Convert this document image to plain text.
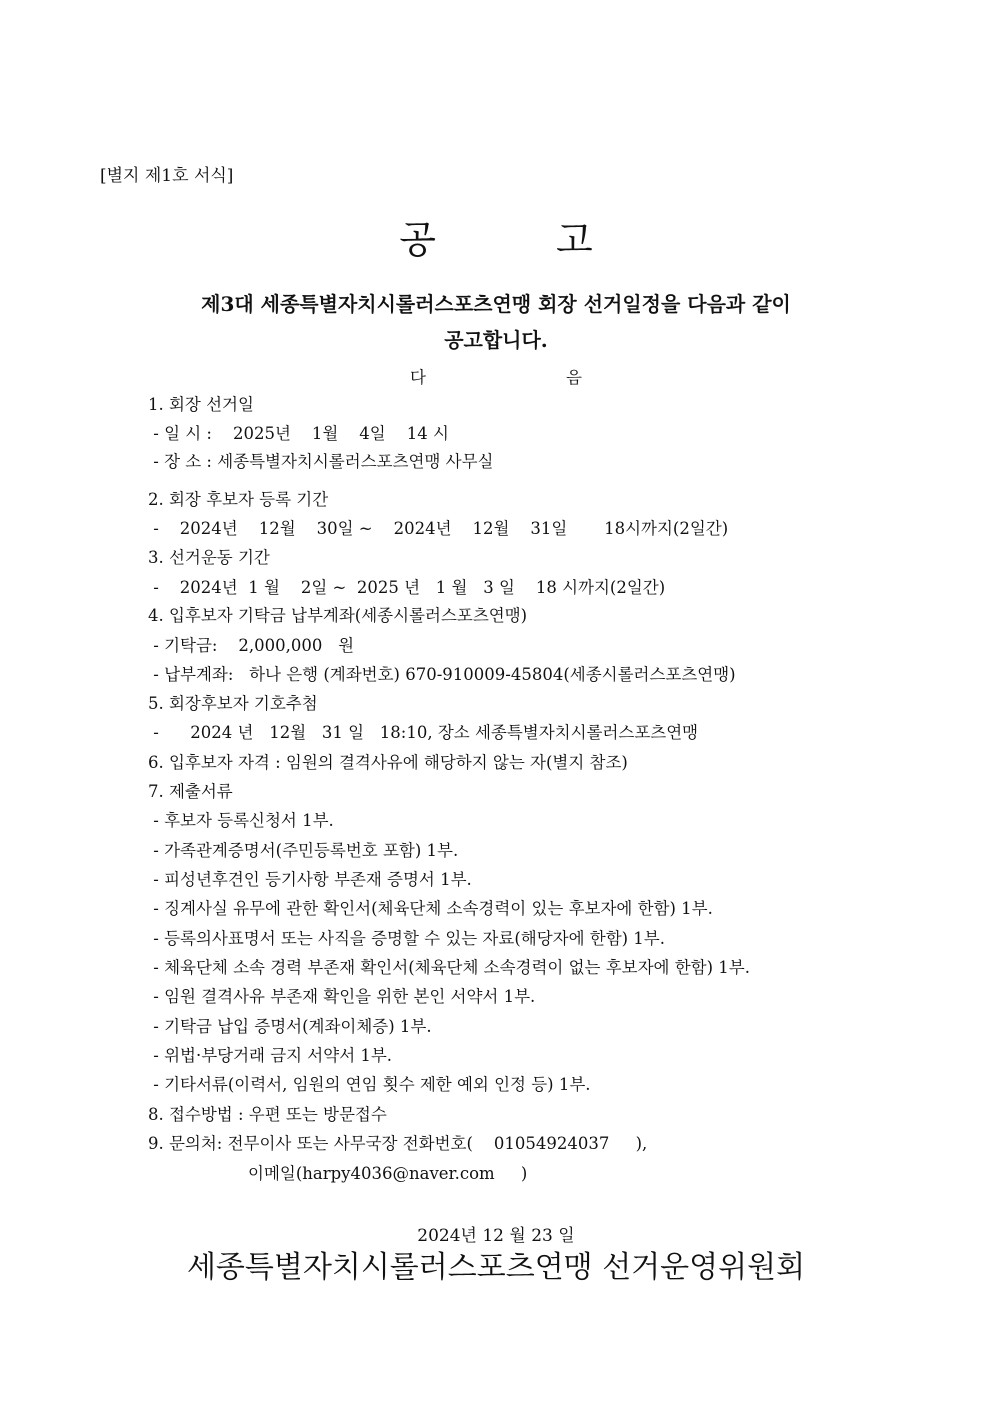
[별지 제1호 서식]
공	고
제3대 세종특별자치시롤러스포츠연맹 회장 선거일정을 다음과 같이
공고합니다.
다	음
1. 회장 선거일
- 일 시 :    2025년    1월    4일    14 시
- 장 소 : 세종특별자치시롤러스포츠연맹 사무실
2. 회장 후보자 등록 기간
-    2024년    12월    30일 ~    2024년    12월    31일       18시까지(2일간)
3. 선거운동 기간
-    2024년  1 월    2일 ~  2025 년   1 월   3 일    18 시까지(2일간)
4. 입후보자 기탁금 납부계좌(세종시롤러스포츠연맹)
- 기탁금:    2,000,000   원
- 납부계좌:   하나 은행 (계좌번호) 670-910009-45804(세종시롤러스포츠연맹)
5. 회장후보자 기호추첨
-      2024 년   12월   31 일   18:10, 장소 세종특별자치시롤러스포츠연맹
6. 입후보자 자격 : 임원의 결격사유에 해당하지 않는 자(별지 참조)
7. 제출서류
- 후보자 등록신청서 1부.
- 가족관계증명서(주민등록번호 포함) 1부.
- 피성년후견인 등기사항 부존재 증명서 1부.
- 징계사실 유무에 관한 확인서(체육단체 소속경력이 있는 후보자에 한함) 1부.
- 등록의사표명서 또는 사직을 증명할 수 있는 자료(해당자에 한함) 1부.
- 체육단체 소속 경력 부존재 확인서(체육단체 소속경력이 없는 후보자에 한함) 1부.
- 임원 결격사유 부존재 확인을 위한 본인 서약서 1부.
- 기탁금 납입 증명서(계좌이체증) 1부.
- 위법·부당거래 금지 서약서 1부.
- 기타서류(이력서, 임원의 연임 횟수 제한 예외 인정 등) 1부.
8. 접수방법 : 우편 또는 방문접수
9. 문의처: 전무이사 또는 사무국장 전화번호(    01054924037     ),
이메일(harpy4036@naver.com     )
2024년 12 월 23 일
세종특별자치시롤러스포츠연맹 선거운영위원회
